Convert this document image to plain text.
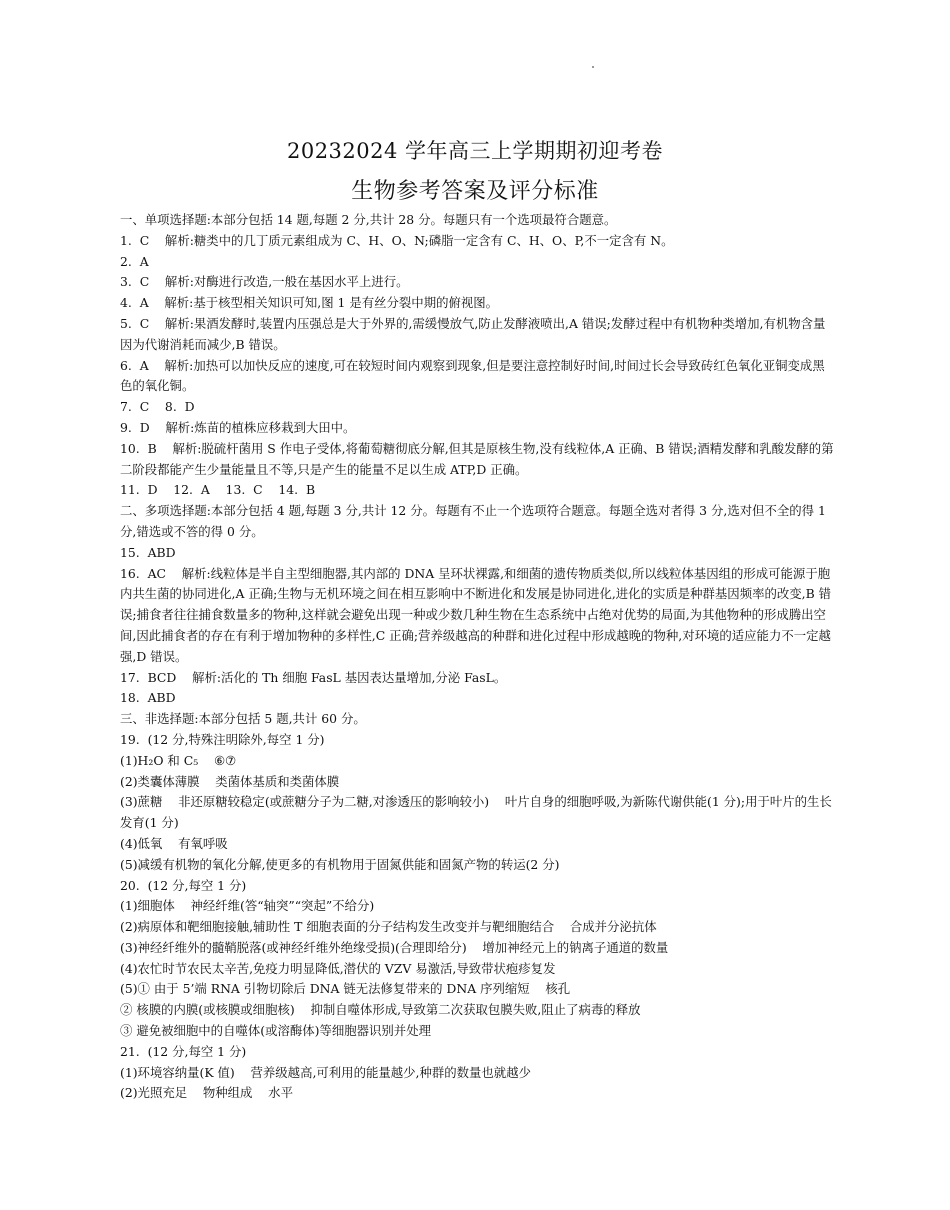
20232024 学年高三上学期期初迎考卷
生物参考答案及评分标准

一、单项选择题:本部分包括 14 题,每题 2 分,共计 28 分。每题只有一个选项最符合题意。

1.  C    解析:糖类中的几丁质元素组成为 C、H、O、N;磷脂一定含有 C、H、O、P,不一定含有 N。

2.  A

3.  C    解析:对酶进行改造,一般在基因水平上进行。

4.  A    解析:基于核型相关知识可知,图 1 是有丝分裂中期的俯视图。

5.  C    解析:果酒发酵时,装置内压强总是大于外界的,需缓慢放气,防止发酵液喷出,A 错误;发酵过程中有机物种类增加,有机物含量因为代谢消耗而减少,B 错误。

6.  A    解析:加热可以加快反应的速度,可在较短时间内观察到现象,但是要注意控制好时间,时间过长会导致砖红色氧化亚铜变成黑色的氧化铜。

7.  C    8.  D

9.  D    解析:炼苗的植株应移栽到大田中。

10.  B    解析:脱硫杆菌用 S 作电子受体,将葡萄糖彻底分解,但其是原核生物,没有线粒体,A 正确、B 错误;酒精发酵和乳酸发酵的第二阶段都能产生少量能量且不等,只是产生的能量不足以生成 ATP,D 正确。

11.  D    12.  A    13.  C    14.  B

二、多项选择题:本部分包括 4 题,每题 3 分,共计 12 分。每题有不止一个选项符合题意。每题全选对者得 3 分,选对但不全的得 1 分,错选或不答的得 0 分。

15.  ABD

16.  AC    解析:线粒体是半自主型细胞器,其内部的 DNA 呈环状裸露,和细菌的遗传物质类似,所以线粒体基因组的形成可能源于胞内共生菌的协同进化,A 正确;生物与无机环境之间在相互影响中不断进化和发展是协同进化,进化的实质是种群基因频率的改变,B 错误;捕食者往往捕食数量多的物种,这样就会避免出现一种或少数几种生物在生态系统中占绝对优势的局面,为其他物种的形成腾出空间,因此捕食者的存在有利于增加物种的多样性,C 正确;营养级越高的种群和进化过程中形成越晚的物种,对环境的适应能力不一定越强,D 错误。

17.  BCD    解析:活化的 Th 细胞 FasL 基因表达量增加,分泌 FasL。

18.  ABD

三、非选择题:本部分包括 5 题,共计 60 分。

19.  (12 分,特殊注明除外,每空 1 分)

(1)H₂O 和 C₅    ⑥⑦

(2)类囊体薄膜    类菌体基质和类菌体膜

(3)蔗糖    非还原糖较稳定(或蔗糖分子为二糖,对渗透压的影响较小)    叶片自身的细胞呼吸,为新陈代谢供能(1 分);用于叶片的生长发育(1 分)

(4)低氧    有氧呼吸

(5)减缓有机物的氧化分解,使更多的有机物用于固氮供能和固氮产物的转运(2 分)

20.  (12 分,每空 1 分)

(1)细胞体    神经纤维(答“轴突”“突起”不给分)

(2)病原体和靶细胞接触,辅助性 T 细胞表面的分子结构发生改变并与靶细胞结合    合成并分泌抗体

(3)神经纤维外的髓鞘脱落(或神经纤维外绝缘受损)(合理即给分)    增加神经元上的钠离子通道的数量

(4)农忙时节农民太辛苦,免疫力明显降低,潜伏的 VZV 易激活,导致带状疱疹复发

(5)① 由于 5’端 RNA 引物切除后 DNA 链无法修复带来的 DNA 序列缩短    核孔

② 核膜的内膜(或核膜或细胞核)    抑制自噬体形成,导致第二次获取包膜失败,阻止了病毒的释放

③ 避免被细胞中的自噬体(或溶酶体)等细胞器识别并处理

21.  (12 分,每空 1 分)

(1)环境容纳量(K 值)    营养级越高,可利用的能量越少,种群的数量也就越少

(2)光照充足    物种组成    水平
